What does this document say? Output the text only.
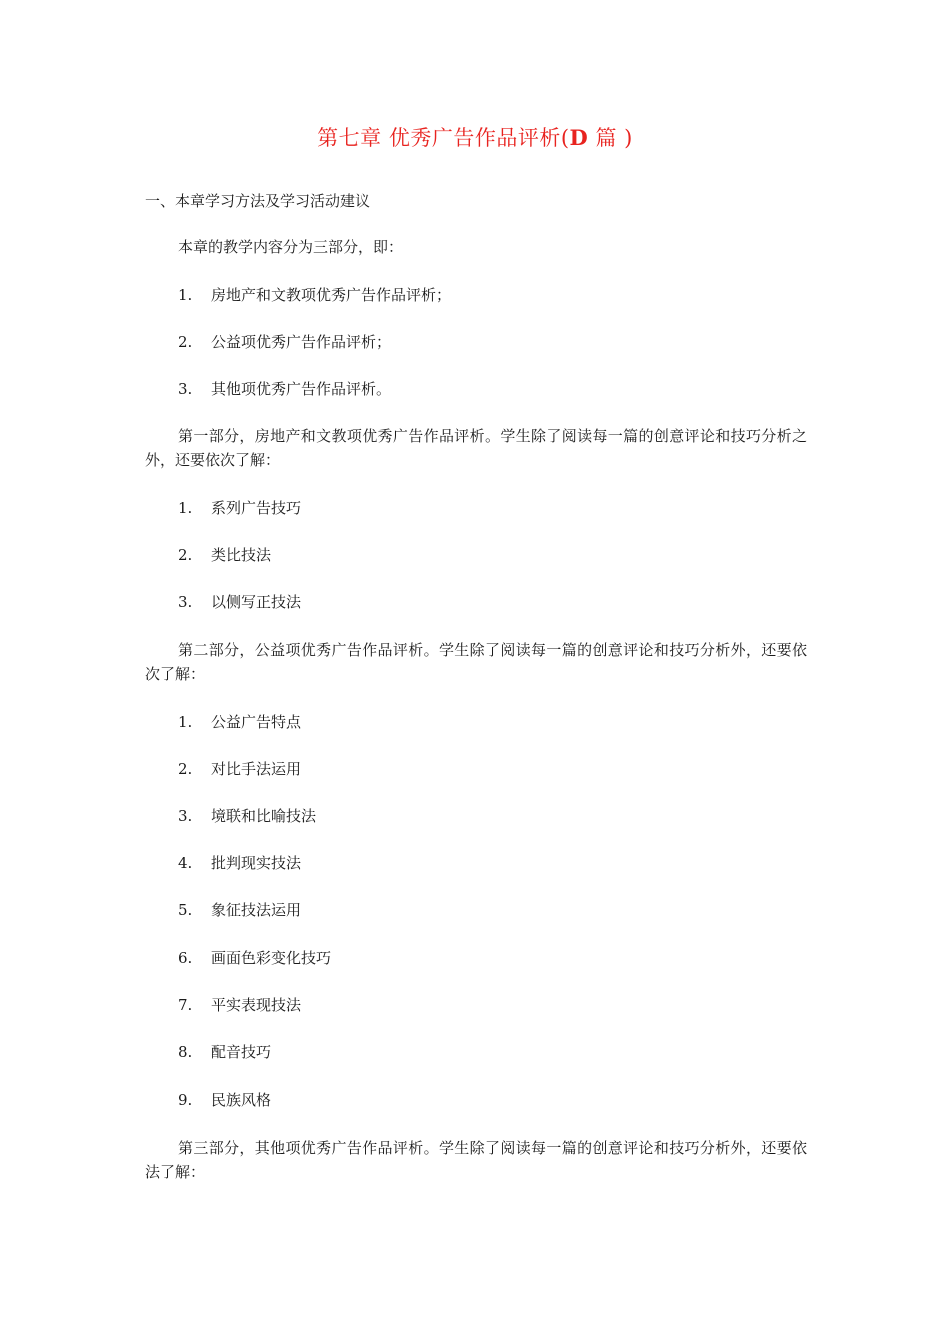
第七章 优秀广告作品评析(D 篇 )
一、本章学习方法及学习活动建议
本章的教学内容分为三部分，即：
1. 房地产和文教项优秀广告作品评析；
2. 公益项优秀广告作品评析；
3. 其他项优秀广告作品评析。
第一部分，房地产和文教项优秀广告作品评析。学生除了阅读每一篇的创意评论和技巧分析之外，还要依次了解：
1. 系列广告技巧
2. 类比技法
3. 以侧写正技法
第二部分，公益项优秀广告作品评析。学生除了阅读每一篇的创意评论和技巧分析外，还要依次了解：
1. 公益广告特点
2. 对比手法运用
3. 境联和比喻技法
4. 批判现实技法
5. 象征技法运用
6. 画面色彩变化技巧
7. 平实表现技法
8. 配音技巧
9. 民族风格
第三部分，其他项优秀广告作品评析。学生除了阅读每一篇的创意评论和技巧分析外，还要依法了解：
